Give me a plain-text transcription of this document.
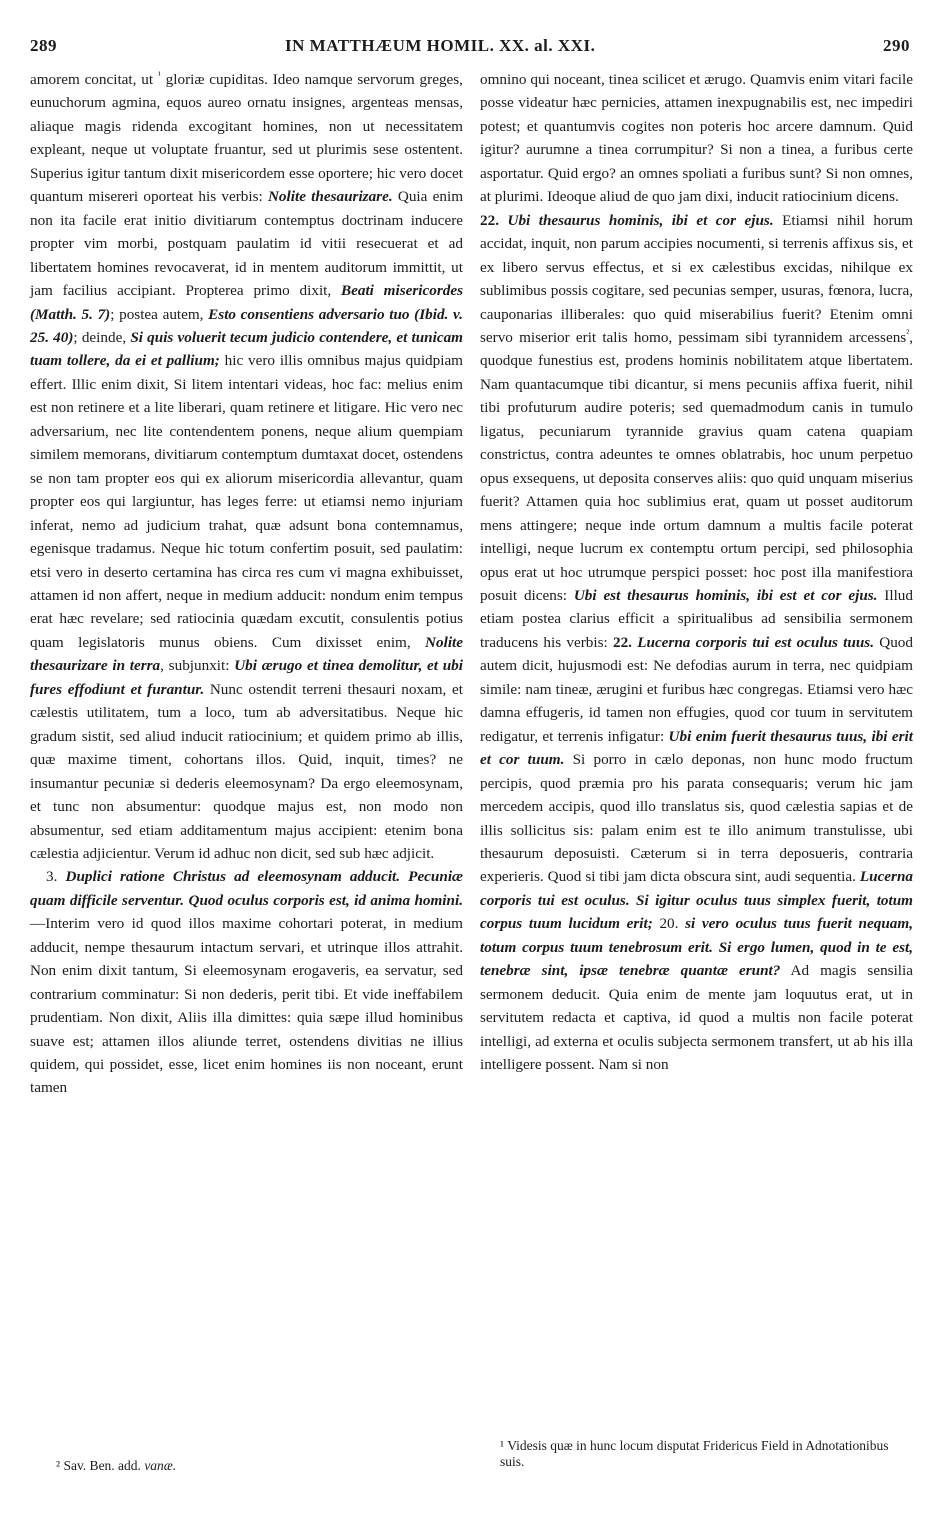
289	IN MATTHÆUM HOMIL. XX. al. XXI.	290

amorem concitat, ut $^{^1}$ gloriæ cupiditas. Ideo namque servorum greges, eunuchorum agmina, equos aureo ornatu insignes, argenteas mensas, aliaque magis ridenda excogitant homines, non ut necessitatem expleant, neque ut voluptate fruantur, sed ut plurimis sese ostentent. Superius igitur tantum dixit misericordem esse oportere; hic vero docet quantum misereri oporteat his verbis: Nolite thesaurizare. Quia enim non ita facile erat initio divitiarum contemptus doctrinam inducere propter vim morbi, postquam paulatim id vitii resecuerat et ad libertatem homines revocaverat, id in mentem auditorum immittit, ut jam facilius accipiant. Propterea primo dixit, Beati misericordes (Matth. 5. 7); postea autem, Esto consentiens adversario tuo (Ibid. v. 25. 40); deinde, Si quis voluerit tecum judicio contendere, et tunicam tuam tollere, da ei et pallium; hic vero illis omnibus majus quidpiam effert. Illic enim dixit, Si litem intentari videas, hoc fac: melius enim est non retinere et a lite liberari, quam retinere et litigare. Hic vero nec adversarium, nec lite contendentem ponens, neque alium quempiam similem memorans, divitiarum contemptum dumtaxat docet, ostendens se non tam propter eos qui ex aliorum misericordia allevantur, quam propter eos qui largiuntur, has leges ferre: ut etiamsi nemo injuriam inferat, nemo ad judicium trahat, quæ adsunt bona contemnamus, egenisque tradamus. Neque hic totum confertim posuit, sed paulatim: etsi vero in deserto certamina has circa res cum vi magna exhibuisset, attamen id non affert, neque in medium adducit: nondum enim tempus erat hæc revelare; sed ratiocinia quædam excutit, consulentis potius quam legislatoris munus obiens. Cum dixisset enim, Nolite thesaurizare in terra, subjunxit: Ubi ærugo et tinea demolitur, et ubi fures effodiunt et furantur. Nunc ostendit terreni thesauri noxam, et cælestis utilitatem, tum a loco, tum ab adversitatibus. Neque hic gradum sistit, sed aliud inducit ratiocinium; et quidem primo ab illis, quæ maxime timent, cohortans illos. Quid, inquit, times? ne insumantur pecuniæ si dederis eleemosynam? Da ergo eleemosynam, et tunc non absumentur: quodque majus est, non modo non absumentur, sed etiam additamentum majus accipient: etenim bona cælestia adjicientur. Verum id adhuc non dicit, sed sub hæc adjicit.

3. Duplici ratione Christus ad eleemosynam adducit. Pecuniæ quam difficile serventur. Quod oculus corporis est, id anima homini.—Interim vero id quod illos maxime cohortari poterat, in medium adducit, nempe thesaurum intactum servari, et utrinque illos attrahit. Non enim dixit tantum, Si eleemosynam erogaveris, ea servatur, sed contrarium comminatur: Si non dederis, perit tibi. Et vide ineffabilem prudentiam. Non dixit, Aliis illa dimittes: quia sæpe illud hominibus suave est; attamen illos aliunde terret, ostendens divitias ne illius quidem, qui possidet, esse, licet enim homines iis non noceant, erunt tamen

omnino qui noceant, tinea scilicet et ærugo. Quamvis enim vitari facile posse videatur hæc pernicies, attamen inexpugnabilis est, nec impediri potest; et quantumvis cogites non poteris hoc arcere damnum. Quid igitur? aurumne a tinea corrumpitur? Si non a tinea, a furibus certe asportatur. Quid ergo? an omnes spoliati a furibus sunt? Si non omnes, at plurimi. Ideoque aliud de quo jam dixi, inducit ratiocinium dicens.

22. Ubi thesaurus hominis, ibi et cor ejus. Etiamsi nihil horum accidat, inquit, non parum accipies nocumenti, si terrenis affixus sis, et ex libero servus effectus, et si ex cælestibus excidas, nihilque ex sublimibus possis cogitare, sed pecunias semper, usuras, fœnora, lucra, cauponarias illiberales: quo quid miserabilius fuerit? Etenim omni servo miserior erit talis homo, pessimam sibi tyrannidem arcessens$^{^2}$, quodque funestius est, prodens hominis nobilitatem atque libertatem. Nam quantacumque tibi dicantur, si mens pecuniis affixa fuerit, nihil tibi profuturum audire poteris; sed quemadmodum canis in tumulo ligatus, pecuniarum tyrannide gravius quam catena quapiam constrictus, contra adeuntes te omnes oblatrabis, hoc unum perpetuo opus exsequens, ut deposita conserves aliis: quo quid unquam miserius fuerit? Attamen quia hoc sublimius erat, quam ut posset auditorum mens attingere; neque inde ortum damnum a multis facile poterat intelligi, neque lucrum ex contemptu ortum percipi, sed philosophia opus erat ut hoc utrumque perspici posset: hoc post illa manifestiora posuit dicens: Ubi est thesaurus hominis, ibi est et cor ejus. Illud etiam postea clarius efficit a spiritualibus ad sensibilia sermonem traducens his verbis: 22. Lucerna corporis tui est oculus tuus. Quod autem dicit, hujusmodi est: Ne defodias aurum in terra, nec quidpiam simile: nam tineæ, ærugini et furibus hæc congregas. Etiamsi vero hæc damna effugeris, id tamen non effugies, quod cor tuum in servitutem redigatur, et terrenis infigatur: Ubi enim fuerit thesaurus tuus, ibi erit et cor tuum. Si porro in cælo deponas, non hunc modo fructum percipis, quod præmia pro his parata consequaris; verum hic jam mercedem accipis, quod illo translatus sis, quod cælestia sapias et de illis sollicitus sis: palam enim est te illo animum transtulisse, ubi thesaurum deposuisti. Cæterum si in terra deposueris, contraria experieris. Quod si tibi jam dicta obscura sint, audi sequentia. Lucerna corporis tui est oculus. Si igitur oculus tuus simplex fuerit, totum corpus tuum lucidum erit; 20. si vero oculus tuus fuerit nequam, totum corpus tuum tenebrosum erit. Si ergo lumen, quod in te est, tenebræ sint, ipsæ tenebræ quantæ erunt? Ad magis sensilia sermonem deducit. Quia enim de mente jam loquutus erat, ut in servitutem redacta et captiva, id quod a multis non facile poterat intelligi, ad externa et oculis subjecta sermonem transfert, ut ab his illa intelligere possent. Nam si non

¹ Videsis quæ in hunc locum disputat Fridericus Field in Adnotationibus suis.
² Sav. Ben. add. vanæ.
